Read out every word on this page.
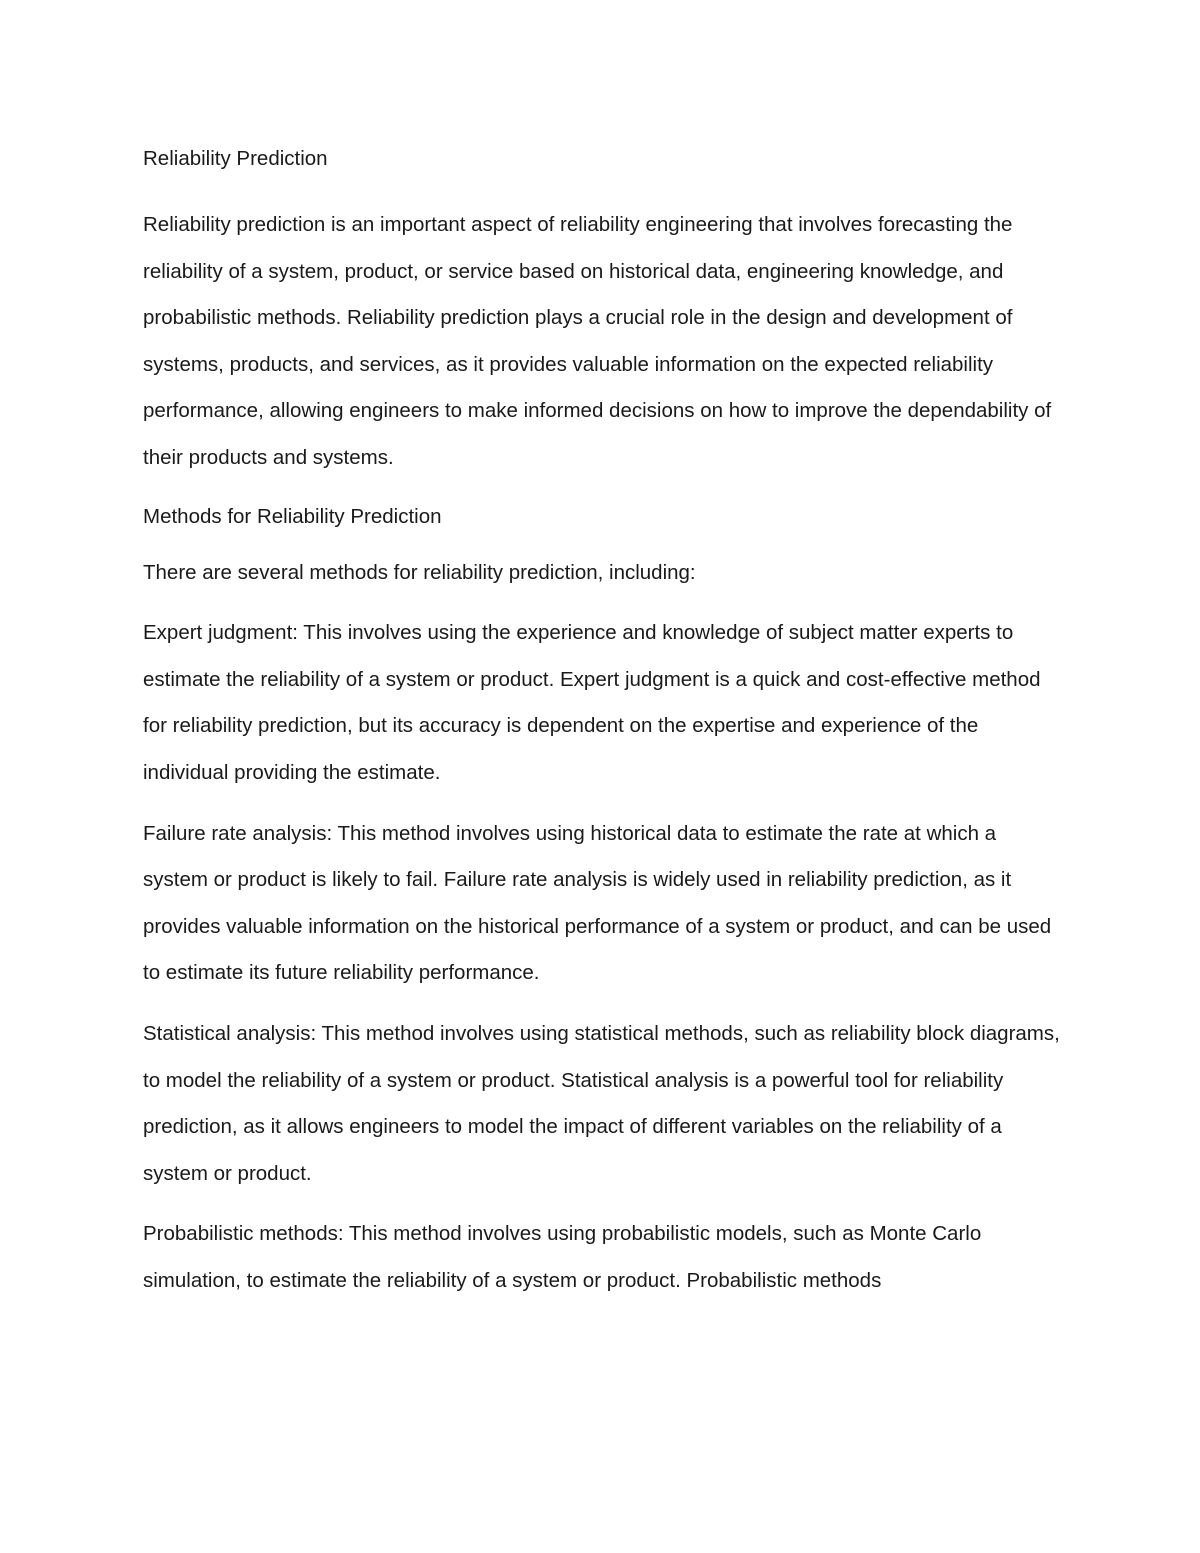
Reliability Prediction

Reliability prediction is an important aspect of reliability engineering that involves forecasting the reliability of a system, product, or service based on historical data, engineering knowledge, and probabilistic methods. Reliability prediction plays a crucial role in the design and development of systems, products, and services, as it provides valuable information on the expected reliability performance, allowing engineers to make informed decisions on how to improve the dependability of their products and systems.

Methods for Reliability Prediction

There are several methods for reliability prediction, including:

Expert judgment: This involves using the experience and knowledge of subject matter experts to estimate the reliability of a system or product. Expert judgment is a quick and cost-effective method for reliability prediction, but its accuracy is dependent on the expertise and experience of the individual providing the estimate.

Failure rate analysis: This method involves using historical data to estimate the rate at which a system or product is likely to fail. Failure rate analysis is widely used in reliability prediction, as it provides valuable information on the historical performance of a system or product, and can be used to estimate its future reliability performance.

Statistical analysis: This method involves using statistical methods, such as reliability block diagrams, to model the reliability of a system or product. Statistical analysis is a powerful tool for reliability prediction, as it allows engineers to model the impact of different variables on the reliability of a system or product.

Probabilistic methods: This method involves using probabilistic models, such as Monte Carlo simulation, to estimate the reliability of a system or product. Probabilistic methods
